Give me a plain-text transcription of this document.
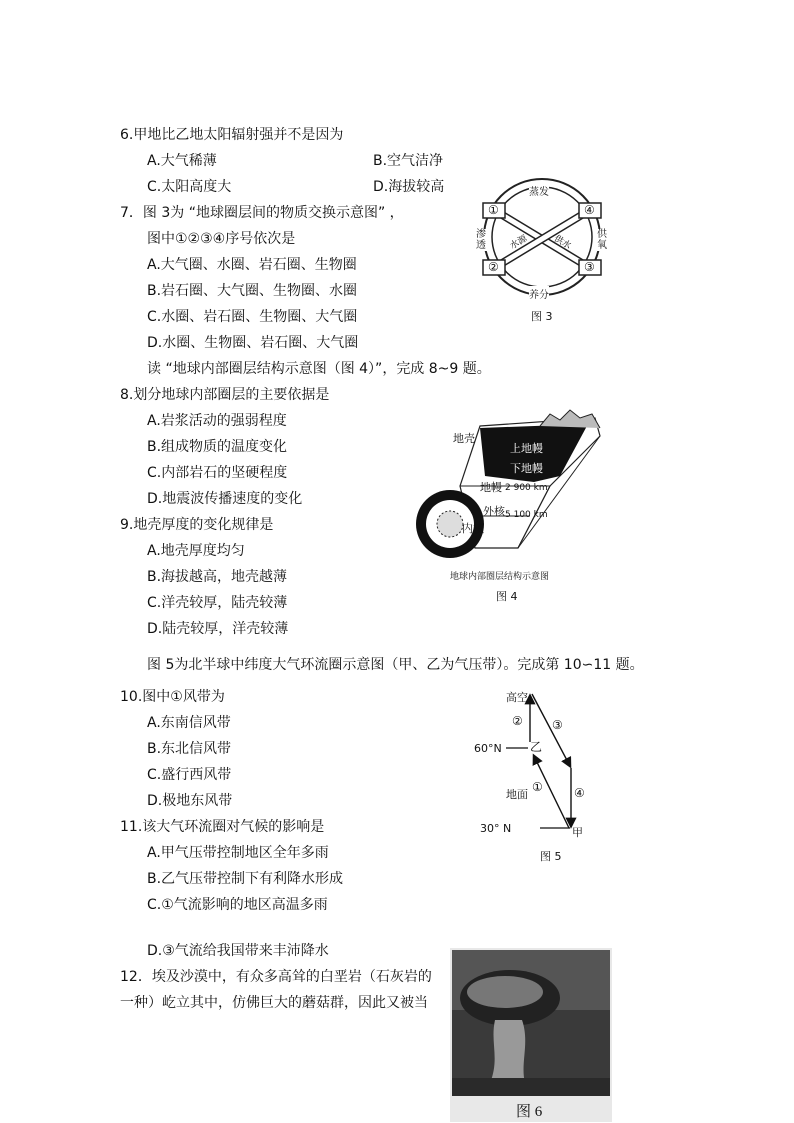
6.甲地比乙地太阳辐射强并不是因为
A.大气稀薄	B.空气洁净
C.太阳高度大	D.海拔较高
7．图 3为 “地球圈层间的物质交换示意图” ，
图中①②③④序号依次是
A.大气圈、水圈、岩石圈、生物圈
B.岩石圈、大气圈、生物圈、水圈
C.水圈、岩石圈、生物圈、大气圈
D.水圈、生物圈、岩石圈、大气圈
①	④
②	③
蒸发
养分
渗透
供氧
水源	供水
图 3
读 “地球内部圈层结构示意图（图 4）”，完成 8~9 题。
8.划分地球内部圈层的主要依据是
A.岩浆活动的强弱程度
B.组成物质的温度变化
C.内部岩石的坚硬程度
D.地震波传播速度的变化
地壳
上地幔
下地幔
地幔 2 900 km
外核 5 100 km
内核
地球内部圈层结构示意图
图 4
9.地壳厚度的变化规律是
A.地壳厚度均匀
B.海拔越高，地壳越薄
C.洋壳较厚，陆壳较薄
D.陆壳较厚，洋壳较薄
图 5为北半球中纬度大气环流圈示意图（甲、乙为气压带）。完成第 10∽11 题。
10.图中①风带为
A.东南信风带
B.东北信风带
C.盛行西风带
D.极地东风带
高空
② ③
60°N 乙
地面
①	④
30° N	甲
图 5
11.该大气环流圈对气候的影响是
A.甲气压带控制地区全年多雨
B.乙气压带控制下有利降水形成
C.①气流影响的地区高温多雨
D.③气流给我国带来丰沛降水
12．埃及沙漠中，有众多高耸的白垩岩（石灰岩的
一种）屹立其中，仿佛巨大的蘑菇群，因此又被当
图 6
